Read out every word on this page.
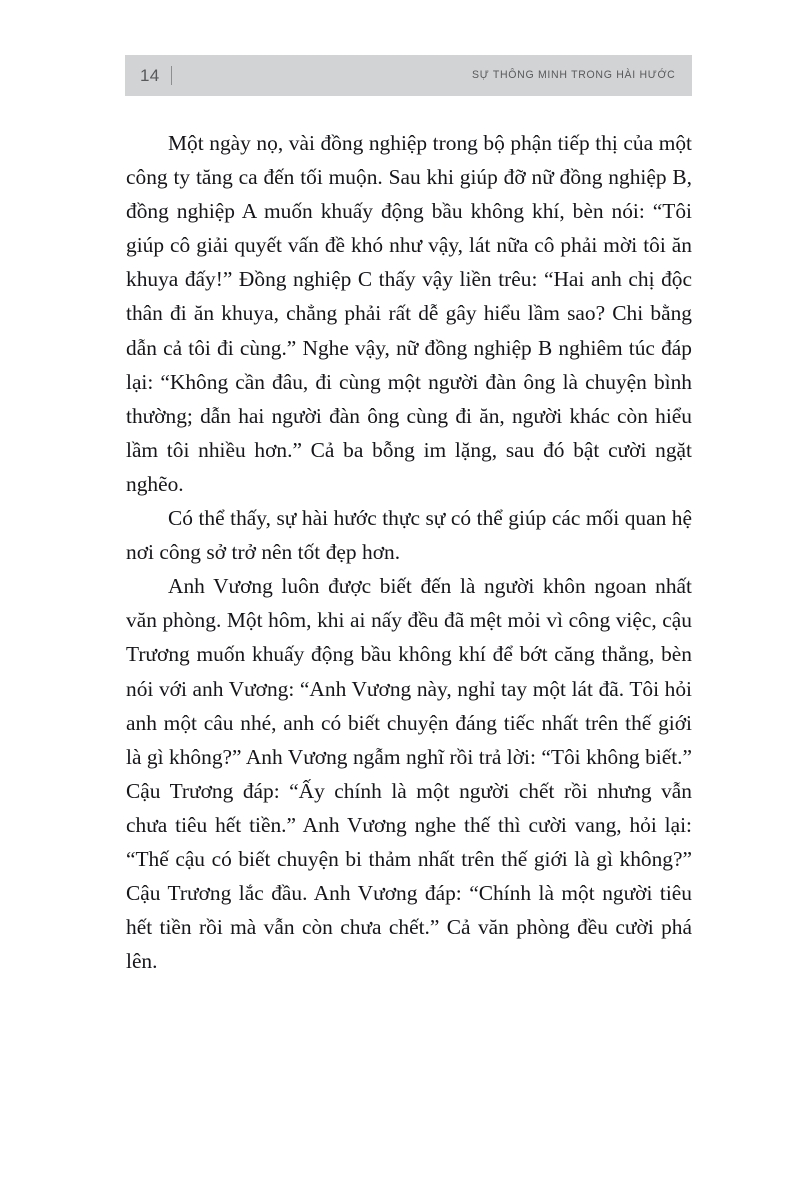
14	SỰ THÔNG MINH TRONG HÀI HƯỚC

Một ngày nọ, vài đồng nghiệp trong bộ phận tiếp thị của một công ty tăng ca đến tối muộn. Sau khi giúp đỡ nữ đồng nghiệp B, đồng nghiệp A muốn khuấy động bầu không khí, bèn nói: “Tôi giúp cô giải quyết vấn đề khó như vậy, lát nữa cô phải mời tôi ăn khuya đấy!” Đồng nghiệp C thấy vậy liền trêu: “Hai anh chị độc thân đi ăn khuya, chẳng phải rất dễ gây hiểu lầm sao? Chi bằng dẫn cả tôi đi cùng.” Nghe vậy, nữ đồng nghiệp B nghiêm túc đáp lại: “Không cần đâu, đi cùng một người đàn ông là chuyện bình thường; dẫn hai người đàn ông cùng đi ăn, người khác còn hiểu lầm tôi nhiều hơn.” Cả ba bỗng im lặng, sau đó bật cười ngặt nghẽo.

Có thể thấy, sự hài hước thực sự có thể giúp các mối quan hệ nơi công sở trở nên tốt đẹp hơn.

Anh Vương luôn được biết đến là người khôn ngoan nhất văn phòng. Một hôm, khi ai nấy đều đã mệt mỏi vì công việc, cậu Trương muốn khuấy động bầu không khí để bớt căng thẳng, bèn nói với anh Vương: “Anh Vương này, nghỉ tay một lát đã. Tôi hỏi anh một câu nhé, anh có biết chuyện đáng tiếc nhất trên thế giới là gì không?” Anh Vương ngẫm nghĩ rồi trả lời: “Tôi không biết.” Cậu Trương đáp: “Ấy chính là một người chết rồi nhưng vẫn chưa tiêu hết tiền.” Anh Vương nghe thế thì cười vang, hỏi lại: “Thế cậu có biết chuyện bi thảm nhất trên thế giới là gì không?” Cậu Trương lắc đầu. Anh Vương đáp: “Chính là một người tiêu hết tiền rồi mà vẫn còn chưa chết.” Cả văn phòng đều cười phá lên.
